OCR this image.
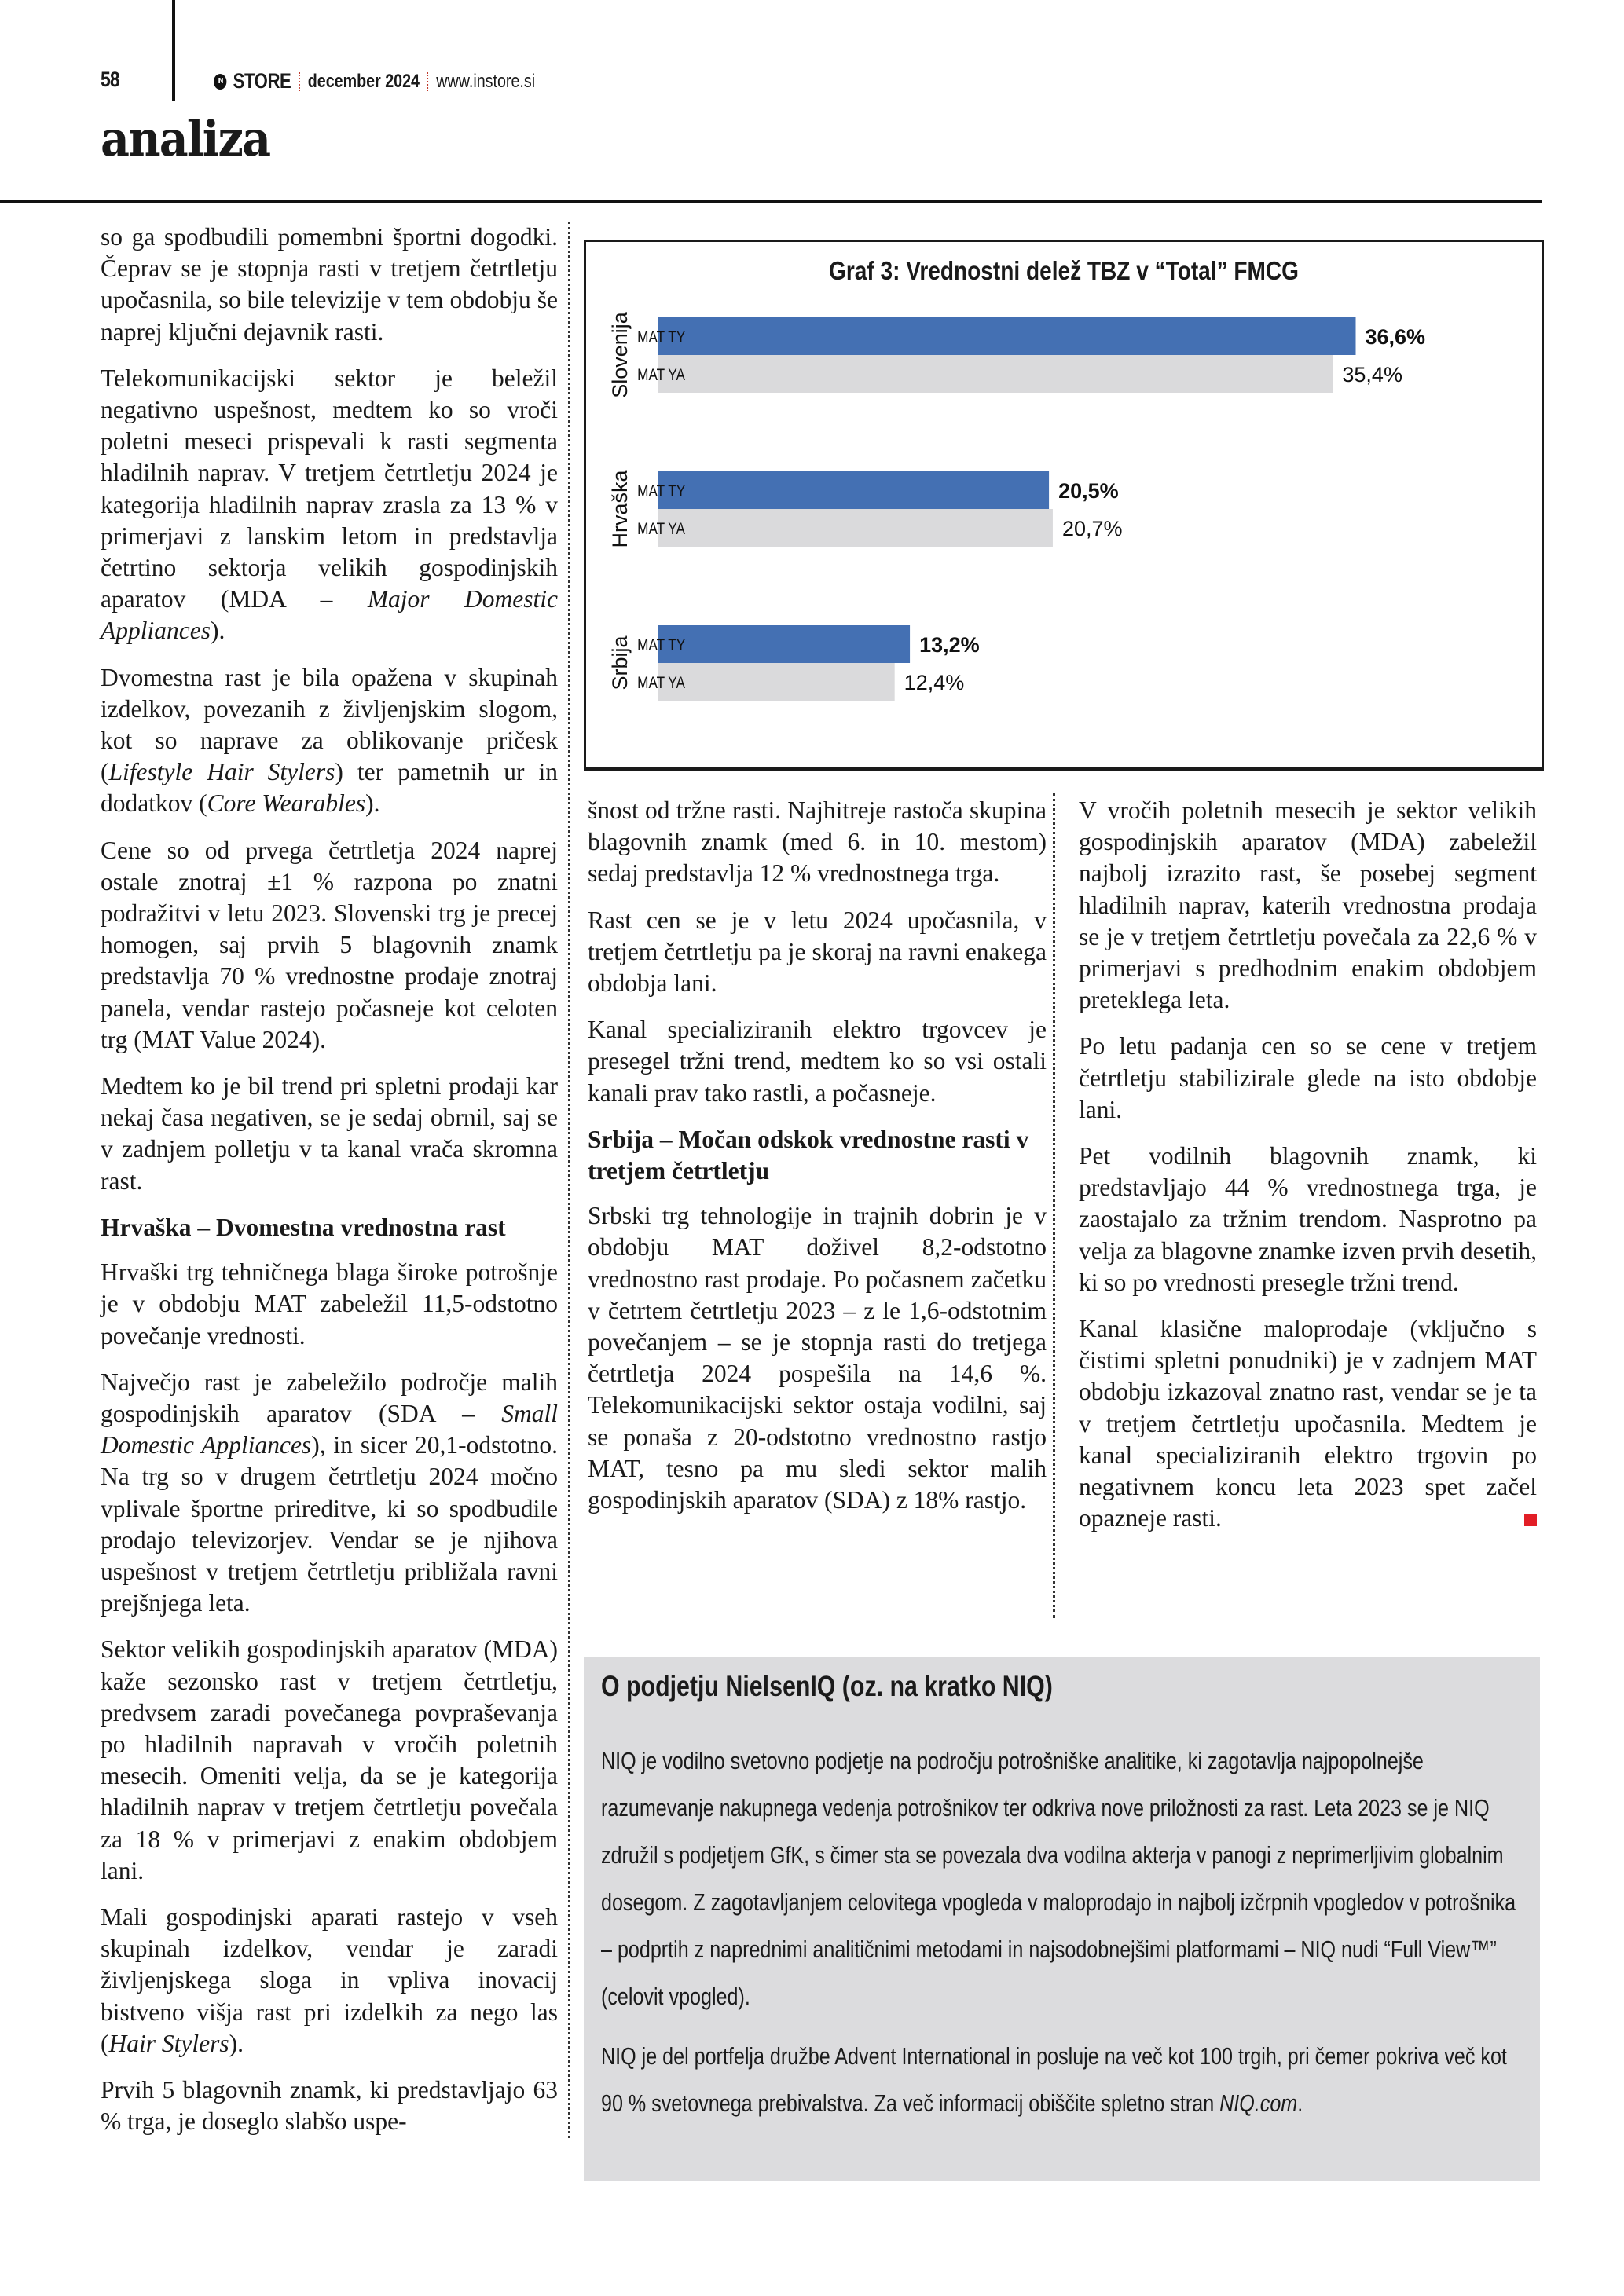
58	IN STORE december 2024 www.instore.si
analiza

so ga spodbudili pomembni športni dogodki. Čeprav se je stopnja rasti v tretjem četrtletju upočasnila, so bile televizije v tem obdobju še naprej ključni dejavnik rasti.

Telekomunikacijski sektor je beležil negativno uspešnost, medtem ko so vroči poletni meseci prispevali k rasti segmenta hladilnih naprav. V tretjem četrtletju 2024 je kategorija hladilnih naprav zrasla za 13 % v primerjavi z lanskim letom in predstavlja četrtino sektorja velikih gospodinjskih aparatov (MDA – Major Domestic Appliances).

Dvomestna rast je bila opažena v skupinah izdelkov, povezanih z življenjskim slogom, kot so naprave za oblikovanje pričesk (Lifestyle Hair Stylers) ter pametnih ur in dodatkov (Core Wearables).

Cene so od prvega četrtletja 2024 naprej ostale znotraj ±1 % razpona po znatni podražitvi v letu 2023. Slovenski trg je precej homogen, saj prvih 5 blagovnih znamk predstavlja 70 % vrednostne prodaje znotraj panela, vendar rastejo počasneje kot celoten trg (MAT Value 2024).

Medtem ko je bil trend pri spletni prodaji kar nekaj časa negativen, se je sedaj obrnil, saj se v zadnjem polletju v ta kanal vrača skromna rast.

Hrvaška – Dvomestna vrednostna rast

Hrvaški trg tehničnega blaga široke potrošnje je v obdobju MAT zabeležil 11,5-odstotno povečanje vrednosti.

Največjo rast je zabeležilo področje malih gospodinjskih aparatov (SDA – Small Domestic Appliances), in sicer 20,1-odstotno. Na trg so v drugem četrtletju 2024 močno vplivale športne prireditve, ki so spodbudile prodajo televizorjev. Vendar se je njihova uspešnost v tretjem četrtletju približala ravni prejšnjega leta.

Sektor velikih gospodinjskih aparatov (MDA) kaže sezonsko rast v tretjem četrtletju, predvsem zaradi povečanega povpraševanja po hladilnih napravah v vročih poletnih mesecih. Omeniti velja, da se je kategorija hladilnih naprav v tretjem četrtletju povečala za 18 % v primerjavi z enakim obdobjem lani.

Mali gospodinjski aparati rastejo v vseh skupinah izdelkov, vendar je zaradi življenjskega sloga in vpliva inovacij bistveno višja rast pri izdelkih za nego las (Hair Stylers).

Prvih 5 blagovnih znamk, ki predstavljajo 63 % trga, je doseglo slabšo uspe-

Graf 3: Vrednostni delež TBZ v “Total” FMCG
Slovenija MAT TY	36,6%
MAT YA	35,4%
Hrvaška MAT TY	20,5%
MAT YA	20,7%
Srbija MAT TY	13,2%
MAT YA	12,4%

šnost od tržne rasti. Najhitreje rastoča skupina blagovnih znamk (med 6. in 10. mestom) sedaj predstavlja 12 % vrednostnega trga.

Rast cen se je v letu 2024 upočasnila, v tretjem četrtletju pa je skoraj na ravni enakega obdobja lani.

Kanal specializiranih elektro trgovcev je presegel tržni trend, medtem ko so vsi ostali kanali prav tako rastli, a počasneje.

Srbija – Močan odskok vrednostne rasti v tretjem četrtletju

Srbski trg tehnologije in trajnih dobrin je v obdobju MAT doživel 8,2-odstotno vrednostno rast prodaje. Po počasnem začetku v četrtem četrtletju 2023 – z le 1,6-odstotnim povečanjem – se je stopnja rasti do tretjega četrtletja 2024 pospešila na 14,6 %. Telekomunikacijski sektor ostaja vodilni, saj se ponaša z 20-odstotno vrednostno rastjo MAT, tesno pa mu sledi sektor malih gospodinjskih aparatov (SDA) z 18% rastjo.

V vročih poletnih mesecih je sektor velikih gospodinjskih aparatov (MDA) zabeležil najbolj izrazito rast, še posebej segment hladilnih naprav, katerih vrednostna prodaja se je v tretjem četrtletju povečala za 22,6 % v primerjavi s predhodnim enakim obdobjem preteklega leta.

Po letu padanja cen so se cene v tretjem četrtletju stabilizirale glede na isto obdobje lani.

Pet vodilnih blagovnih znamk, ki predstavljajo 44 % vrednostnega trga, je zaostajalo za tržnim trendom. Nasprotno pa velja za blagovne znamke izven prvih desetih, ki so po vrednosti presegle tržni trend.

Kanal klasične maloprodaje (vključno s čistimi spletni ponudniki) je v zadnjem MAT obdobju izkazoval znatno rast, vendar se je ta v tretjem četrtletju upočasnila. Medtem je kanal specializiranih elektro trgovin po negativnem koncu leta 2023 spet začel opazneje rasti.

O podjetju NielsenIQ (oz. na kratko NIQ)

NIQ je vodilno svetovno podjetje na področju potrošniške analitike, ki zagotavlja najpopolnejše razumevanje nakupnega vedenja potrošnikov ter odkriva nove priložnosti za rast. Leta 2023 se je NIQ združil s podjetjem GfK, s čimer sta se povezala dva vodilna akterja v panogi z neprimerljivim globalnim dosegom. Z zagotavljanjem celovitega vpogleda v maloprodajo in najbolj izčrpnih vpogledov v potrošnika – podprtih z naprednimi analitičnimi metodami in najsodobnejšimi platformami – NIQ nudi “Full View™” (celovit vpogled).

NIQ je del portfelja družbe Advent International in posluje na več kot 100 trgih, pri čemer pokriva več kot 90 % svetovnega prebivalstva. Za več informacij obiščite spletno stran NIQ.com.
